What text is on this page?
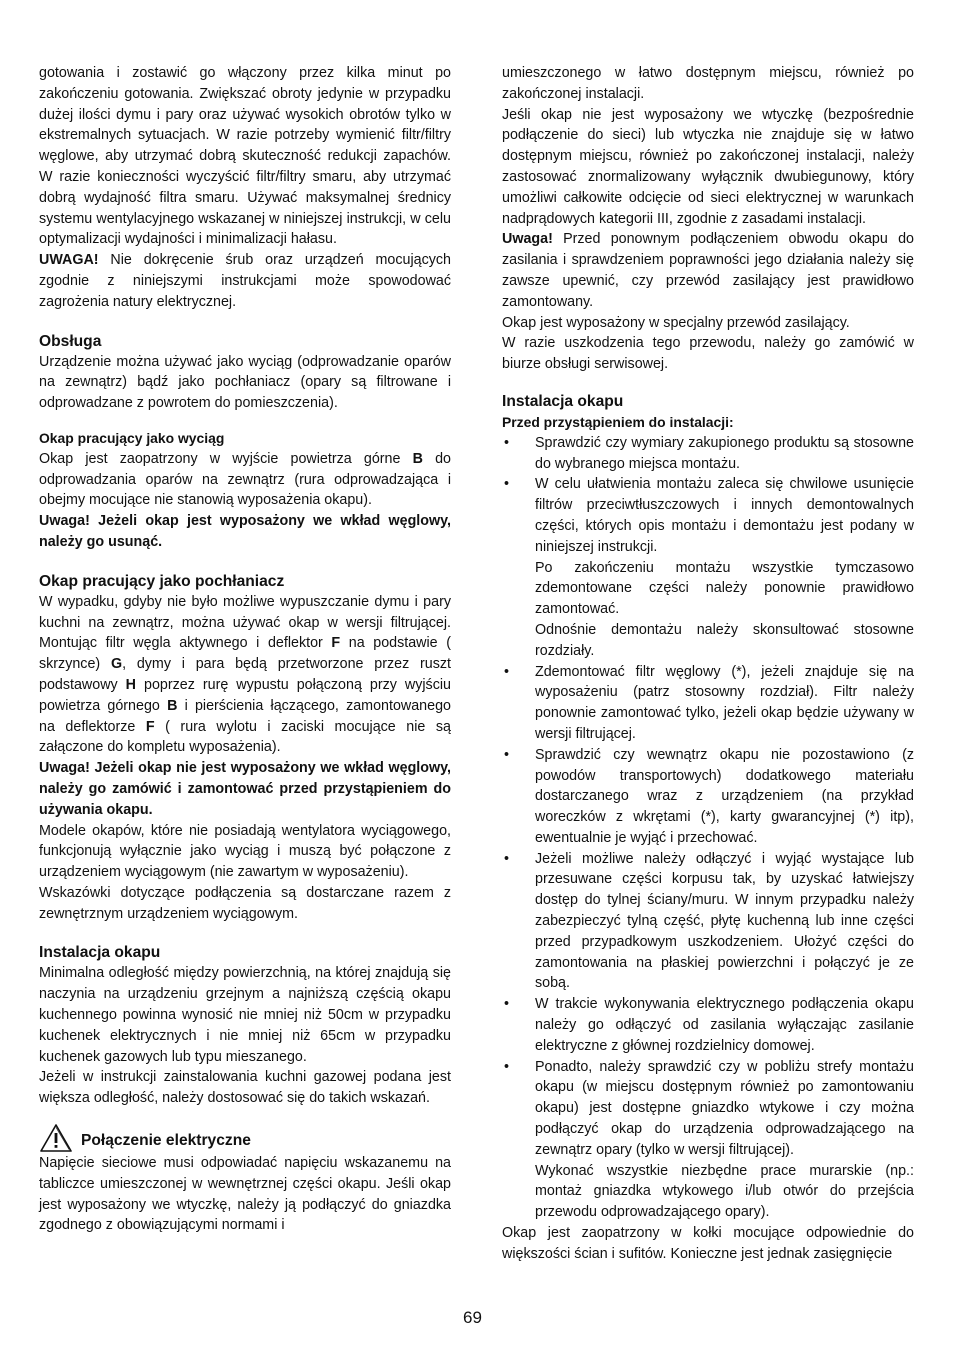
gotowania i zostawić go włączony przez kilka minut po zakończeniu gotowania. Zwiększać obroty jedynie w przypadku dużej ilości dymu i pary oraz używać wysokich obrotów tylko w ekstremalnych sytuacjach. W razie potrzeby wymienić filtr/filtry węglowe, aby utrzymać dobrą skuteczność redukcji zapachów. W razie konieczności wyczyścić filtr/filtry smaru, aby utrzymać dobrą wydajność filtra smaru. Używać maksymalnej średnicy systemu wentylacyjnego wskazanej w niniejszej instrukcji, w celu optymalizacji wydajności i minimalizacji hałasu.

UWAGA! Nie dokręcenie śrub oraz urządzeń mocujących zgodnie z niniejszymi instrukcjami może spowodować zagrożenia natury elektrycznej.

Obsługa

Urządzenie można używać jako wyciąg (odprowadzanie oparów na zewnątrz) bądź jako pochłaniacz (opary są filtrowane i odprowadzane z powrotem do pomieszczenia).

Okap pracujący jako wyciąg

Okap jest zaopatrzony w wyjście powietrza górne B do odprowadzania oparów na zewnątrz (rura odprowadzająca i obejmy mocujące nie stanowią wyposażenia okapu).

Uwaga! Jeżeli okap jest wyposażony we wkład węglowy, należy go usunąć.

Okap pracujący jako pochłaniacz

W wypadku, gdyby nie było możliwe wypuszczanie dymu i pary kuchni na zewnątrz, można używać okap w wersji filtrującej. Montując filtr węgla aktywnego i deflektor F na podstawie ( skrzynce) G, dymy i para będą przetworzone przez ruszt podstawowy H poprzez rurę wypustu połączoną przy wyjściu powietrza górnego B i pierścienia łączącego, zamontowanego na deflektorze F ( rura wylotu i zaciski mocujące nie są załączone do kompletu wyposażenia).

Uwaga! Jeżeli okap nie jest wyposażony we wkład węglowy, należy go zamówić i zamontować przed przystąpieniem do używania okapu.

Modele okapów, które nie posiadają wentylatora wyciągowego, funkcjonują wyłącznie jako wyciąg i muszą być połączone z urządzeniem wyciągowym (nie zawartym w wyposażeniu).

Wskazówki dotyczące podłączenia są dostarczane razem z zewnętrznym urządzeniem wyciągowym.

Instalacja okapu

Minimalna odległość między powierzchnią, na której znajdują się naczynia na urządzeniu grzejnym a najniższą częścią okapu kuchennego powinna wynosić nie mniej niż 50cm w przypadku kuchenek elektrycznych i nie mniej niż 65cm w przypadku kuchenek gazowych lub typu mieszanego.

Jeżeli w instrukcji zainstalowania kuchni gazowej podana jest większa odległość, należy dostosować się do takich wskazań.

Połączenie elektryczne

Napięcie sieciowe musi odpowiadać napięciu wskazanemu na tabliczce umieszczonej w wewnętrznej części okapu. Jeśli okap jest wyposażony we wtyczkę, należy ją podłączyć do gniazdka zgodnego z obowiązującymi normami i

umieszczonego w łatwo dostępnym miejscu, również po zakończonej instalacji.

Jeśli okap nie jest wyposażony we wtyczkę (bezpośrednie podłączenie do sieci) lub wtyczka nie znajduje się w łatwo dostępnym miejscu, również po zakończonej instalacji, należy zastosować znormalizowany wyłącznik dwubiegunowy, który umożliwi całkowite odcięcie od sieci elektrycznej w warunkach nadprądowych kategorii III, zgodnie z zasadami instalacji.

Uwaga! Przed ponownym podłączeniem obwodu okapu do zasilania i sprawdzeniem poprawności jego działania należy się zawsze upewnić, czy przewód zasilający jest prawidłowo zamontowany.

Okap jest wyposażony w specjalny przewód zasilający.

W razie uszkodzenia tego przewodu, należy go zamówić w biurze obsługi serwisowej.

Instalacja okapu
Przed przystąpieniem do instalacji:
• Sprawdzić czy wymiary zakupionego produktu są stosowne do wybranego miejsca montażu.

• W celu ułatwienia montażu zaleca się chwilowe usunięcie filtrów przeciwtłuszczowych i innych demontowalnych części, których opis montażu i demontażu jest podany w niniejszej instrukcji.

Po zakończeniu montażu wszystkie tymczasowo zdemontowane części należy ponownie prawidłowo zamontować.

Odnośnie demontażu należy skonsultować stosowne rozdziały.

• Zdemontować filtr węglowy (*), jeżeli znajduje się na wyposażeniu (patrz stosowny rozdział). Filtr należy ponownie zamontować tylko, jeżeli okap będzie używany w wersji filtrującej.

• Sprawdzić czy wewnątrz okapu nie pozostawiono (z powodów transportowych) dodatkowego materiału dostarczanego wraz z urządzeniem (na przykład woreczków z wkrętami (*), karty gwarancyjnej (*) itp), ewentualnie je wyjąć i przechować.

• Jeżeli możliwe należy odłączyć i wyjąć wystające lub przesuwane części korpusu tak, by uzyskać łatwiejszy dostęp do tylnej ściany/muru. W innym przypadku należy zabezpieczyć tylną część, płytę kuchenną lub inne części przed przypadkowym uszkodzeniem. Ułożyć części do zamontowania na płaskiej powierzchni i połączyć je ze sobą.

• W trakcie wykonywania elektrycznego podłączenia okapu należy go odłączyć od zasilania wyłączając zasilanie elektryczne z głównej rozdzielnicy domowej.

• Ponadto, należy sprawdzić czy w pobliżu strefy montażu okapu (w miejscu dostępnym również po zamontowaniu okapu) jest dostępne gniazdko wtykowe i czy można podłączyć okap do urządzenia odprowadzającego na zewnątrz opary (tylko w wersji filtrującej).

Wykonać wszystkie niezbędne prace murarskie (np.: montaż gniazdka wtykowego i/lub otwór do przejścia przewodu odprowadzającego opary).

Okap jest zaopatrzony w kołki mocujące odpowiednie do większości ścian i sufitów. Konieczne jest jednak zasięgnięcie

69
